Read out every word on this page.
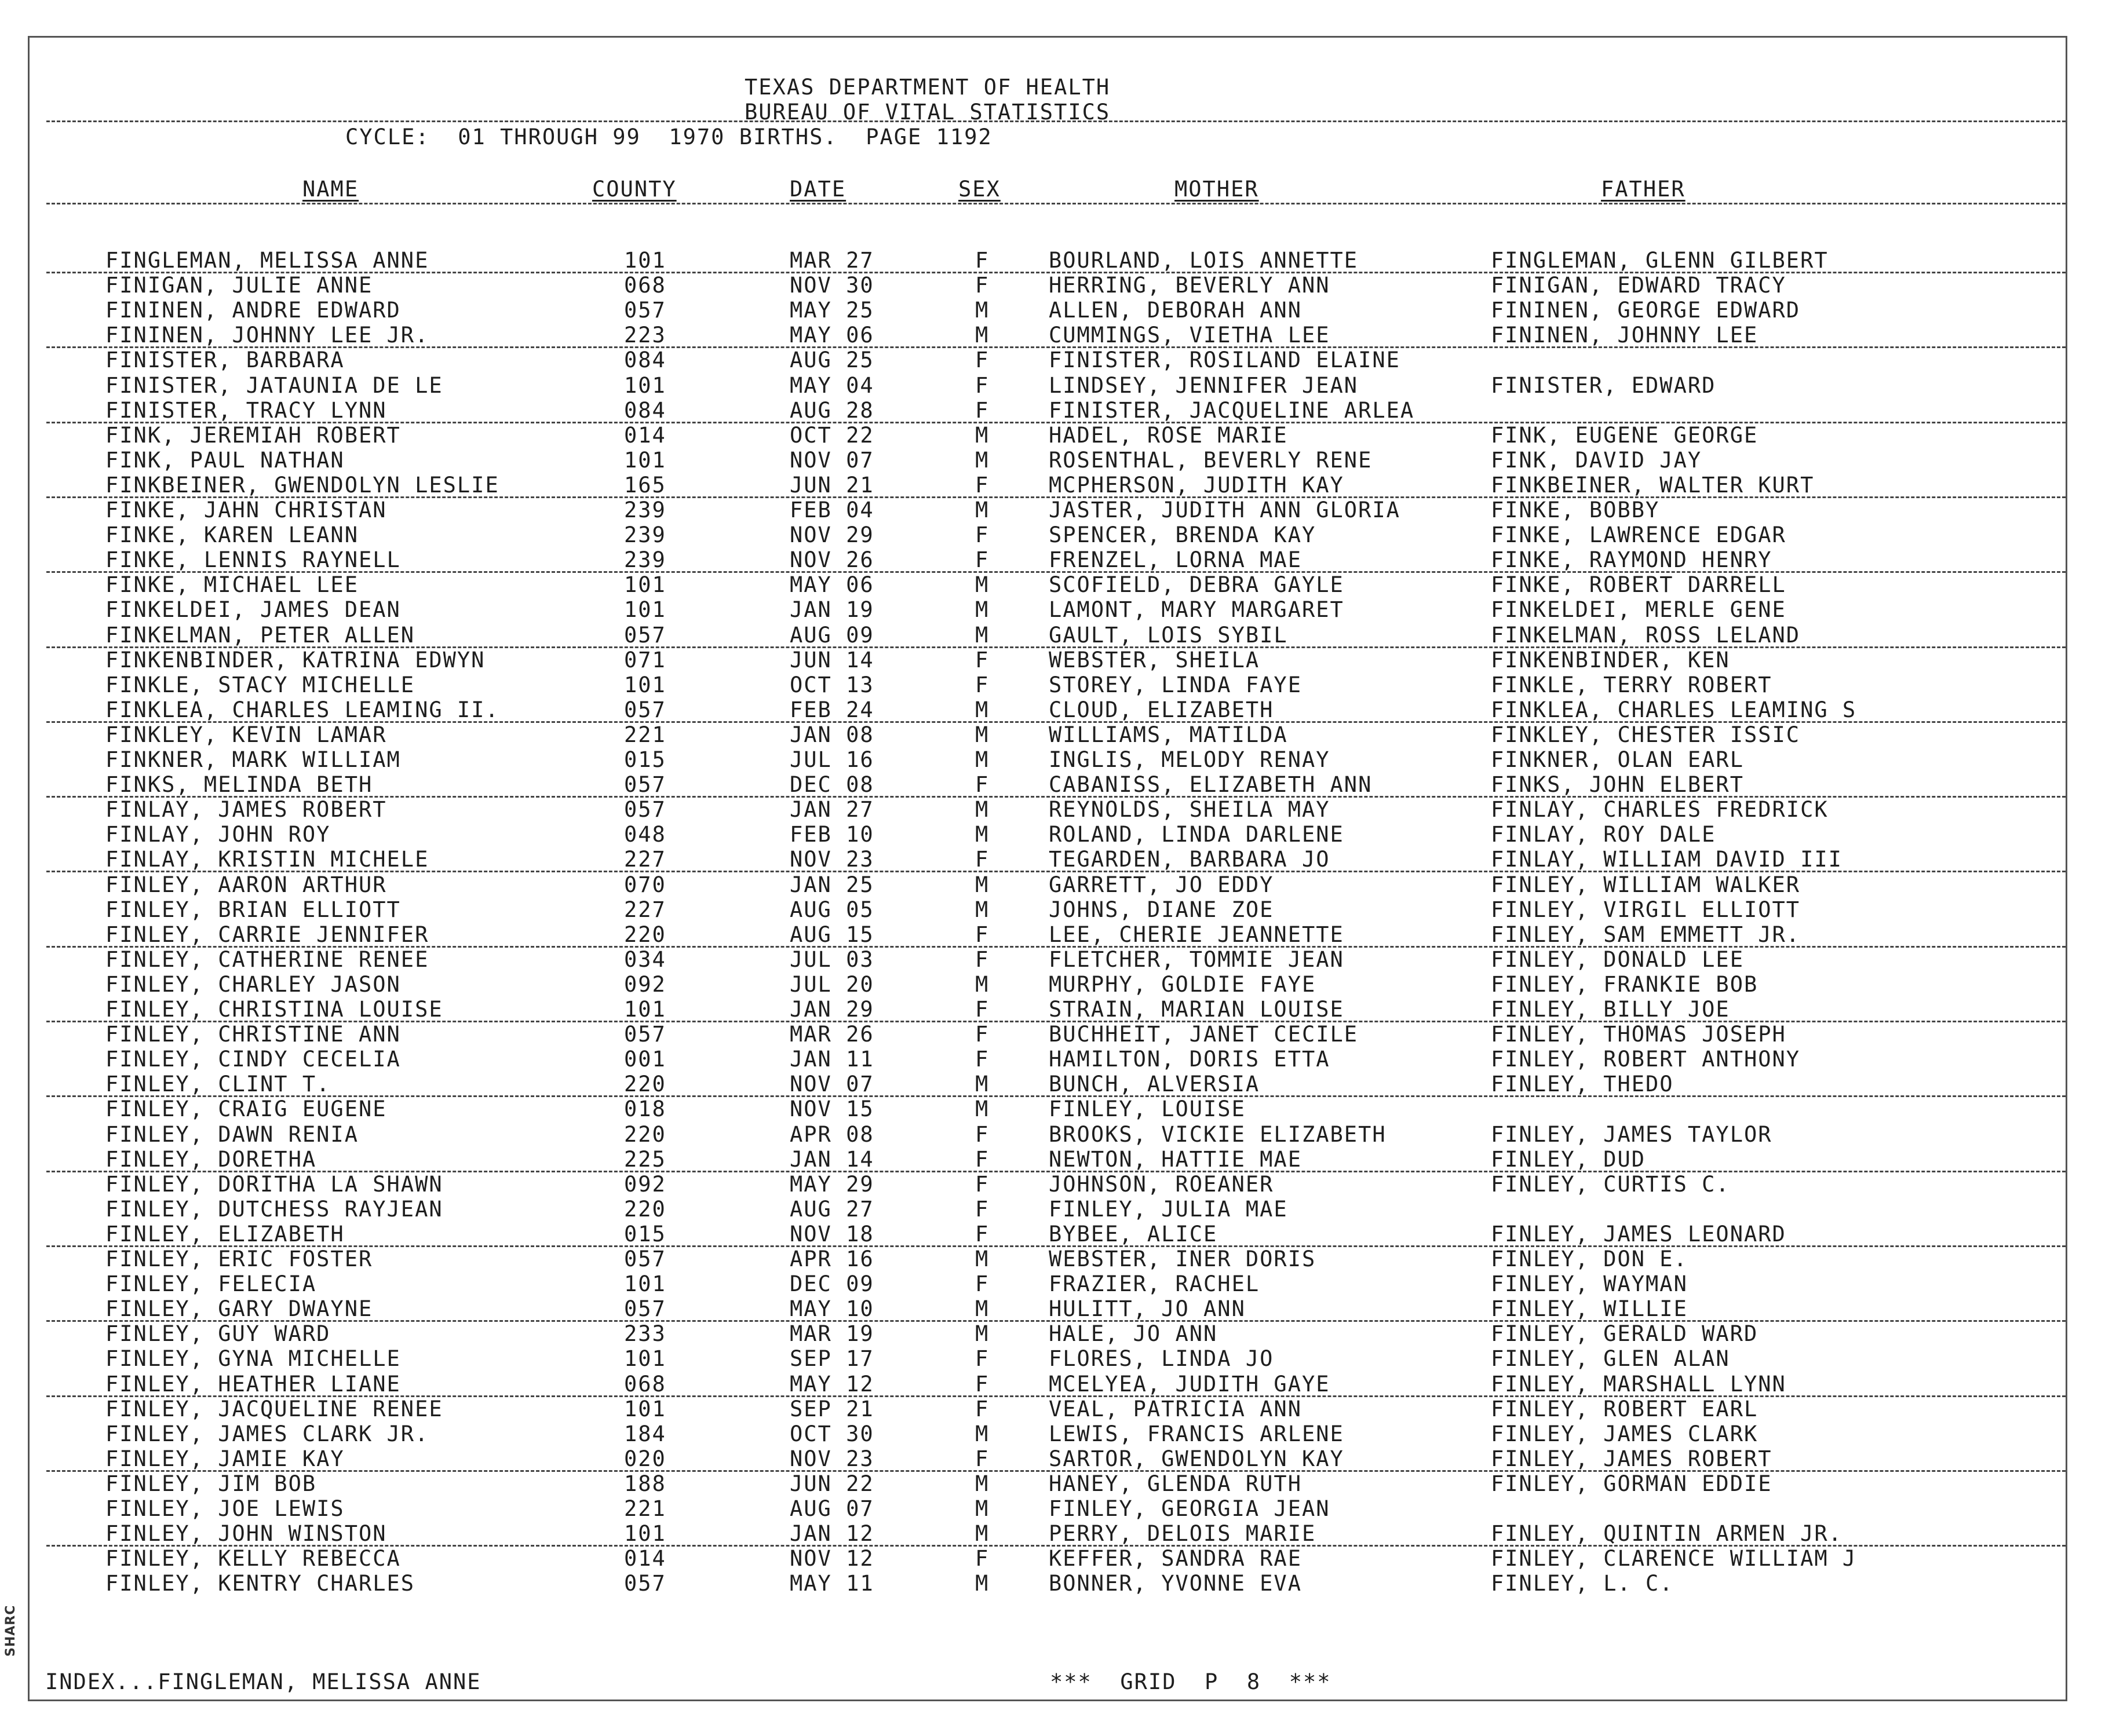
TEXAS DEPARTMENT OF HEALTH
BUREAU OF VITAL STATISTICS
CYCLE:  01 THROUGH 99  1970 BIRTHS.  PAGE 1192
NAME	COUNTY	DATE	SEX	MOTHER	FATHER
FINGLEMAN, MELISSA ANNE	101	MAR 27	F	BOURLAND, LOIS ANNETTE	FINGLEMAN, GLENN GILBERT
FINIGAN, JULIE ANNE	068	NOV 30	F	HERRING, BEVERLY ANN	FINIGAN, EDWARD TRACY
FININEN, ANDRE EDWARD	057	MAY 25	M	ALLEN, DEBORAH ANN	FININEN, GEORGE EDWARD
FININEN, JOHNNY LEE JR.	223	MAY 06	M	CUMMINGS, VIETHA LEE	FININEN, JOHNNY LEE
FINISTER, BARBARA	084	AUG 25	F	FINISTER, ROSILAND ELAINE
FINISTER, JATAUNIA DE LE	101	MAY 04	F	LINDSEY, JENNIFER JEAN	FINISTER, EDWARD
FINISTER, TRACY LYNN	084	AUG 28	F	FINISTER, JACQUELINE ARLEA
FINK, JEREMIAH ROBERT	014	OCT 22	M	HADEL, ROSE MARIE	FINK, EUGENE GEORGE
FINK, PAUL NATHAN	101	NOV 07	M	ROSENTHAL, BEVERLY RENE	FINK, DAVID JAY
FINKBEINER, GWENDOLYN LESLIE	165	JUN 21	F	MCPHERSON, JUDITH KAY	FINKBEINER, WALTER KURT
FINKE, JAHN CHRISTAN	239	FEB 04	M	JASTER, JUDITH ANN GLORIA	FINKE, BOBBY
FINKE, KAREN LEANN	239	NOV 29	F	SPENCER, BRENDA KAY	FINKE, LAWRENCE EDGAR
FINKE, LENNIS RAYNELL	239	NOV 26	F	FRENZEL, LORNA MAE	FINKE, RAYMOND HENRY
FINKE, MICHAEL LEE	101	MAY 06	M	SCOFIELD, DEBRA GAYLE	FINKE, ROBERT DARRELL
FINKELDEI, JAMES DEAN	101	JAN 19	M	LAMONT, MARY MARGARET	FINKELDEI, MERLE GENE
FINKELMAN, PETER ALLEN	057	AUG 09	M	GAULT, LOIS SYBIL	FINKELMAN, ROSS LELAND
FINKENBINDER, KATRINA EDWYN	071	JUN 14	F	WEBSTER, SHEILA	FINKENBINDER, KEN
FINKLE, STACY MICHELLE	101	OCT 13	F	STOREY, LINDA FAYE	FINKLE, TERRY ROBERT
FINKLEA, CHARLES LEAMING II.	057	FEB 24	M	CLOUD, ELIZABETH	FINKLEA, CHARLES LEAMING S
FINKLEY, KEVIN LAMAR	221	JAN 08	M	WILLIAMS, MATILDA	FINKLEY, CHESTER ISSIC
FINKNER, MARK WILLIAM	015	JUL 16	M	INGLIS, MELODY RENAY	FINKNER, OLAN EARL
FINKS, MELINDA BETH	057	DEC 08	F	CABANISS, ELIZABETH ANN	FINKS, JOHN ELBERT
FINLAY, JAMES ROBERT	057	JAN 27	M	REYNOLDS, SHEILA MAY	FINLAY, CHARLES FREDRICK
FINLAY, JOHN ROY	048	FEB 10	M	ROLAND, LINDA DARLENE	FINLAY, ROY DALE
FINLAY, KRISTIN MICHELE	227	NOV 23	F	TEGARDEN, BARBARA JO	FINLAY, WILLIAM DAVID III
FINLEY, AARON ARTHUR	070	JAN 25	M	GARRETT, JO EDDY	FINLEY, WILLIAM WALKER
FINLEY, BRIAN ELLIOTT	227	AUG 05	M	JOHNS, DIANE ZOE	FINLEY, VIRGIL ELLIOTT
FINLEY, CARRIE JENNIFER	220	AUG 15	F	LEE, CHERIE JEANNETTE	FINLEY, SAM EMMETT JR.
FINLEY, CATHERINE RENEE	034	JUL 03	F	FLETCHER, TOMMIE JEAN	FINLEY, DONALD LEE
FINLEY, CHARLEY JASON	092	JUL 20	M	MURPHY, GOLDIE FAYE	FINLEY, FRANKIE BOB
FINLEY, CHRISTINA LOUISE	101	JAN 29	F	STRAIN, MARIAN LOUISE	FINLEY, BILLY JOE
FINLEY, CHRISTINE ANN	057	MAR 26	F	BUCHHEIT, JANET CECILE	FINLEY, THOMAS JOSEPH
FINLEY, CINDY CECELIA	001	JAN 11	F	HAMILTON, DORIS ETTA	FINLEY, ROBERT ANTHONY
FINLEY, CLINT T.	220	NOV 07	M	BUNCH, ALVERSIA	FINLEY, THEDO
FINLEY, CRAIG EUGENE	018	NOV 15	M	FINLEY, LOUISE
FINLEY, DAWN RENIA	220	APR 08	F	BROOKS, VICKIE ELIZABETH	FINLEY, JAMES TAYLOR
FINLEY, DORETHA	225	JAN 14	F	NEWTON, HATTIE MAE	FINLEY, DUD
FINLEY, DORITHA LA SHAWN	092	MAY 29	F	JOHNSON, ROEANER	FINLEY, CURTIS C.
FINLEY, DUTCHESS RAYJEAN	220	AUG 27	F	FINLEY, JULIA MAE
FINLEY, ELIZABETH	015	NOV 18	F	BYBEE, ALICE	FINLEY, JAMES LEONARD
FINLEY, ERIC FOSTER	057	APR 16	M	WEBSTER, INER DORIS	FINLEY, DON E.
FINLEY, FELECIA	101	DEC 09	F	FRAZIER, RACHEL	FINLEY, WAYMAN
FINLEY, GARY DWAYNE	057	MAY 10	M	HULITT, JO ANN	FINLEY, WILLIE
FINLEY, GUY WARD	233	MAR 19	M	HALE, JO ANN	FINLEY, GERALD WARD
FINLEY, GYNA MICHELLE	101	SEP 17	F	FLORES, LINDA JO	FINLEY, GLEN ALAN
FINLEY, HEATHER LIANE	068	MAY 12	F	MCELYEA, JUDITH GAYE	FINLEY, MARSHALL LYNN
FINLEY, JACQUELINE RENEE	101	SEP 21	F	VEAL, PATRICIA ANN	FINLEY, ROBERT EARL
FINLEY, JAMES CLARK JR.	184	OCT 30	M	LEWIS, FRANCIS ARLENE	FINLEY, JAMES CLARK
FINLEY, JAMIE KAY	020	NOV 23	F	SARTOR, GWENDOLYN KAY	FINLEY, JAMES ROBERT
FINLEY, JIM BOB	188	JUN 22	M	HANEY, GLENDA RUTH	FINLEY, GORMAN EDDIE
FINLEY, JOE LEWIS	221	AUG 07	M	FINLEY, GEORGIA JEAN
FINLEY, JOHN WINSTON	101	JAN 12	M	PERRY, DELOIS MARIE	FINLEY, QUINTIN ARMEN JR.
FINLEY, KELLY REBECCA	014	NOV 12	F	KEFFER, SANDRA RAE	FINLEY, CLARENCE WILLIAM J
FINLEY, KENTRY CHARLES	057	MAY 11	M	BONNER, YVONNE EVA	FINLEY, L. C.
INDEX...FINGLEMAN, MELISSA ANNE	***  GRID  P  8  ***
SHARC
